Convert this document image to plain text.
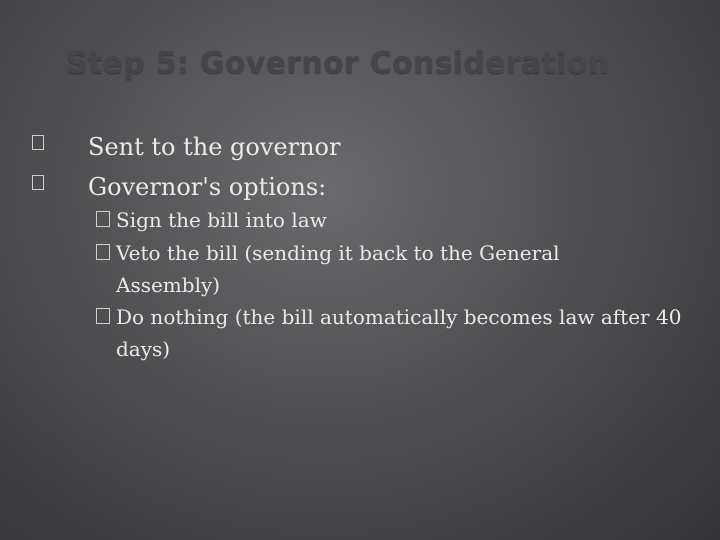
Step 5: Governor Consideration
Sent to the governor
Governor's options:
Sign the bill into law
Veto the bill (sending it back to the General Assembly)
Do nothing (the bill automatically becomes law after 40 days)
